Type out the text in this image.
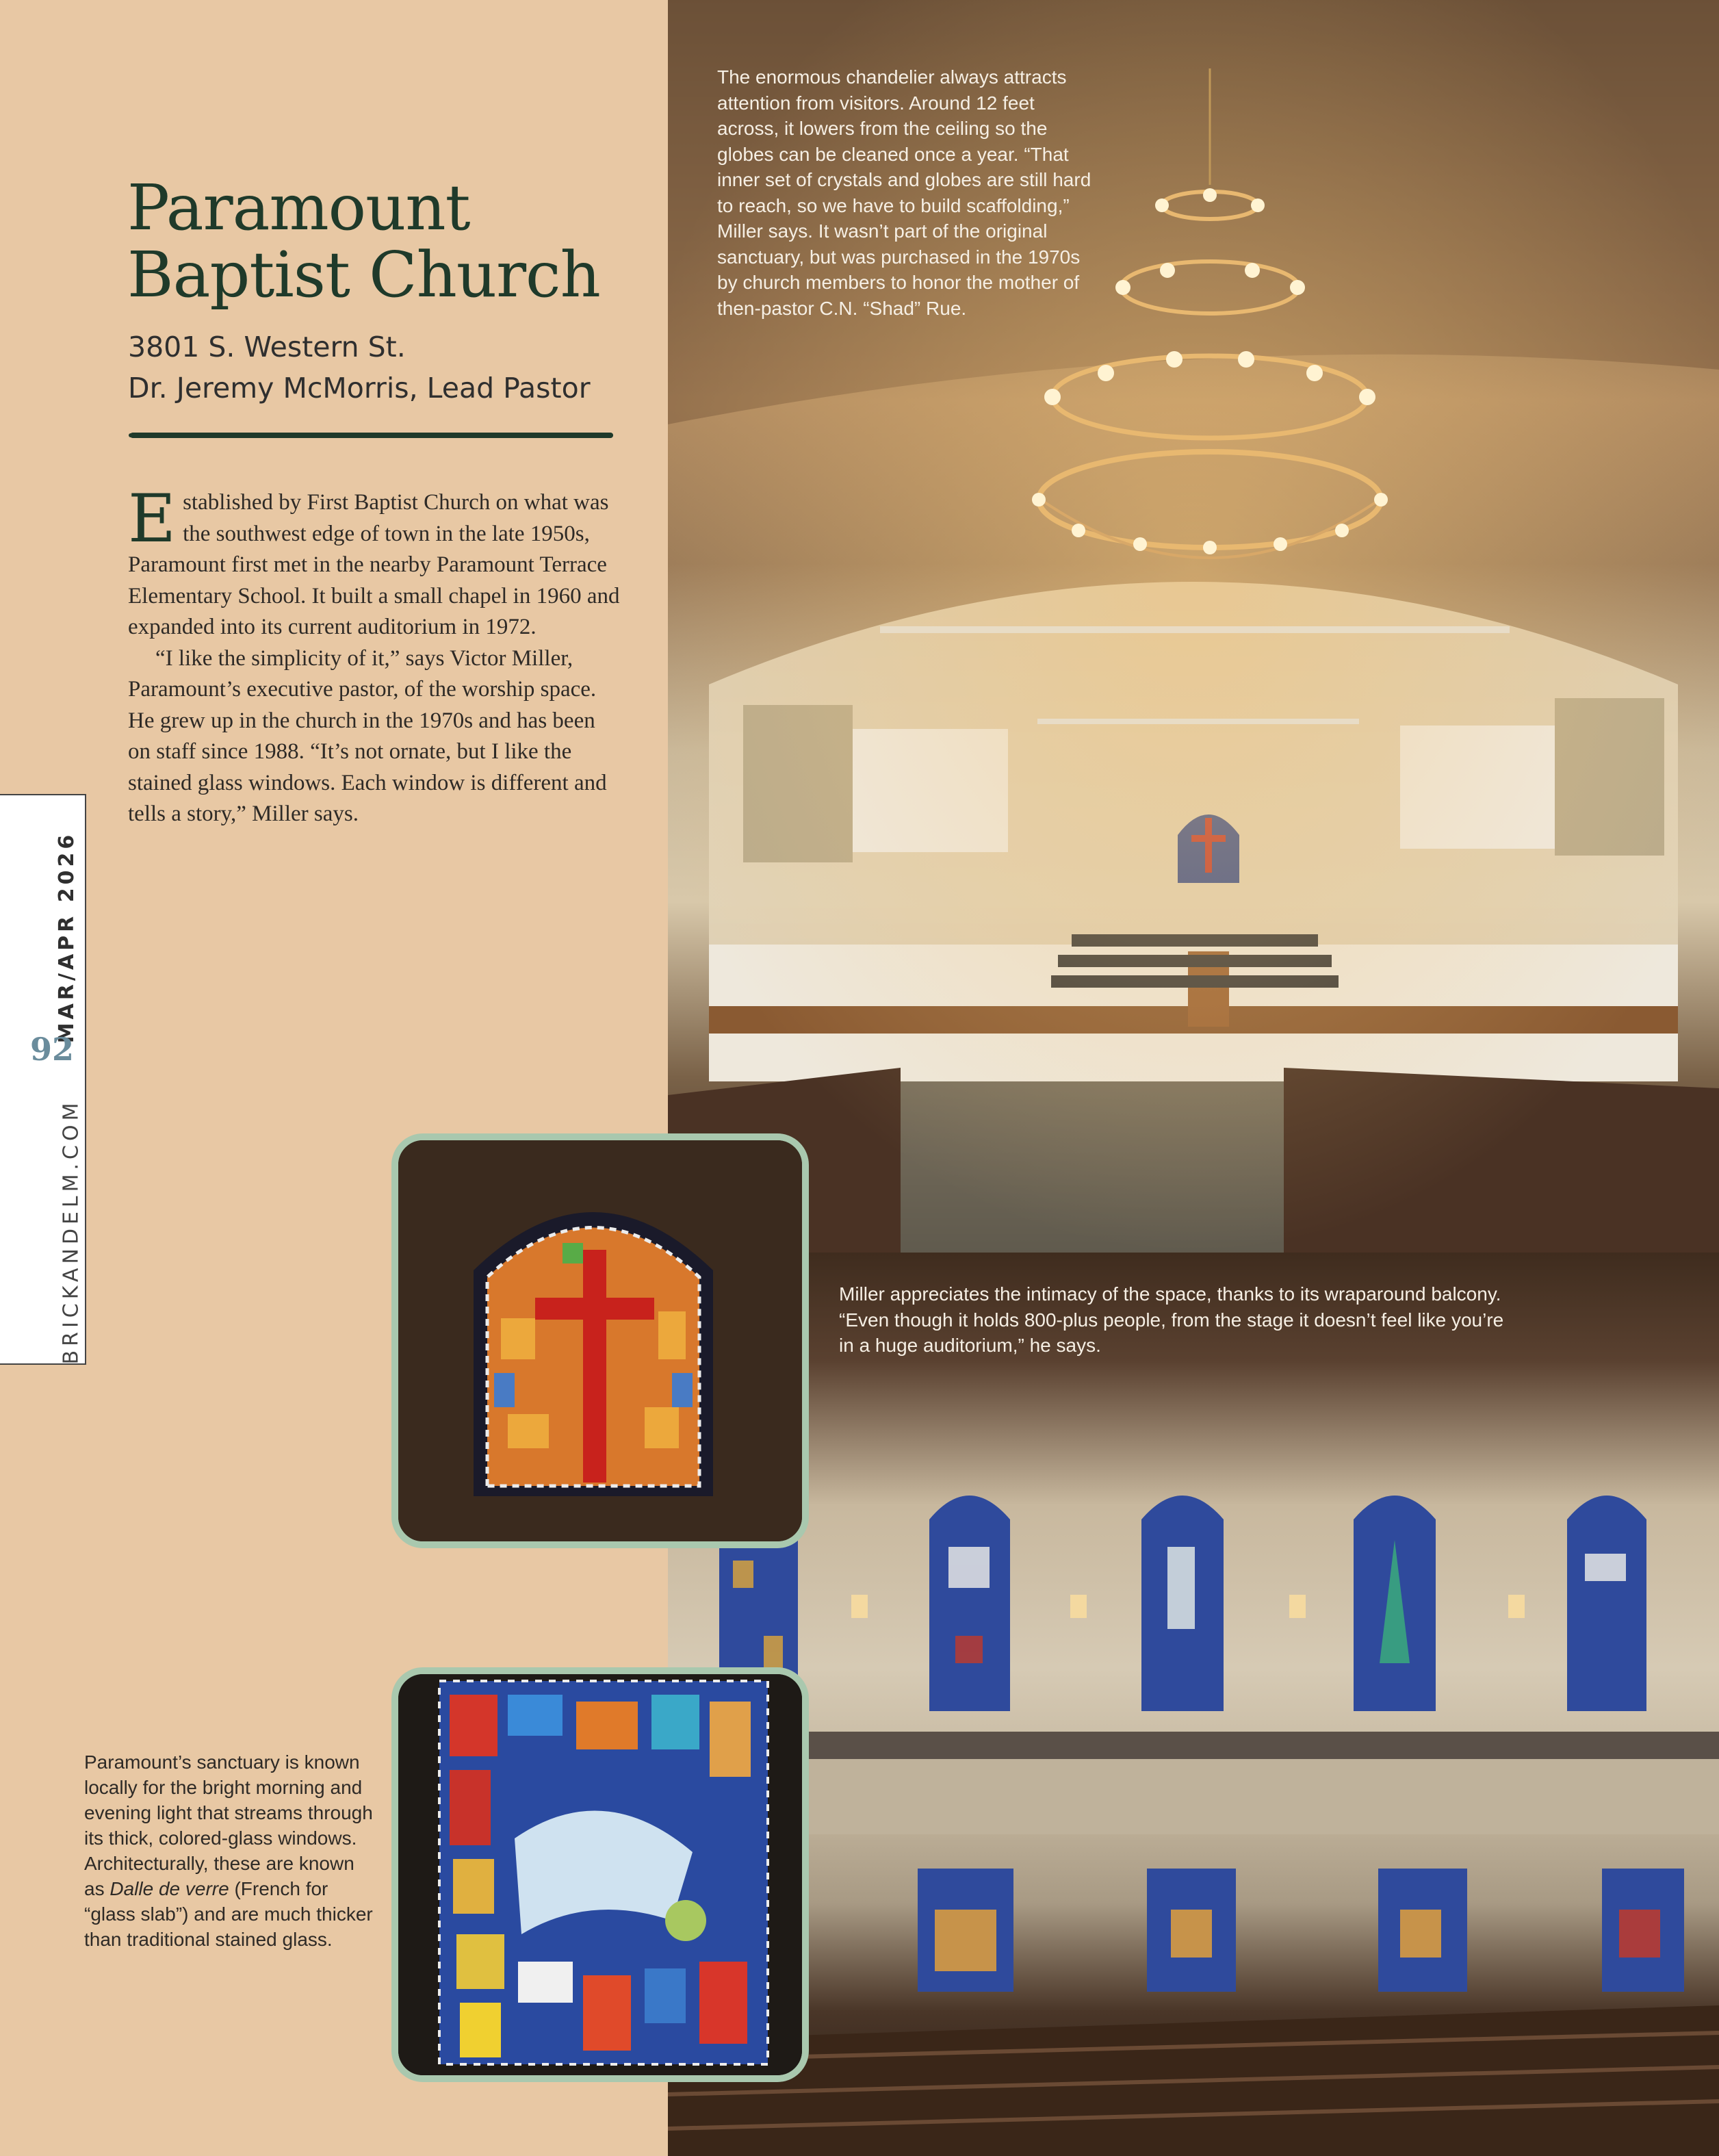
Paramount
Baptist Church

3801 S. Western St.

Dr. Jeremy McMorris, Lead Pastor

E stablished by First Baptist Church on what was the southwest edge of town in the late 1950s, Paramount first met in the nearby Paramount Terrace Elementary School. It built a small chapel in 1960 and expanded into its current auditorium in 1972.

“I like the simplicity of it,” says Victor Miller, Paramount’s executive pastor, of the worship space. He grew up in the church in the 1970s and has been on staff since 1988. “It’s not ornate, but I like the stained glass windows. Each window is different and tells a story,” Miller says.

MAR/APR 2026
BRICKANDELM.COM
92

The enormous chandelier always attracts attention from visitors. Around 12 feet across, it lowers from the ceiling so the globes can be cleaned once a year. “That inner set of crystals and globes are still hard to reach, so we have to build scaffolding,” Miller says. It wasn’t part of the original sanctuary, but was purchased in the 1970s by church members to honor the mother of then-pastor C.N. “Shad” Rue.

Miller appreciates the intimacy of the space, thanks to its wraparound balcony. “Even though it holds 800-plus people, from the stage it doesn’t feel like you’re in a huge auditorium,” he says.

Paramount’s sanctuary is known locally for the bright morning and evening light that streams through its thick, colored-glass windows. Architecturally, these are known as Dalle de verre (French for “glass slab”) and are much thicker than traditional stained glass.
